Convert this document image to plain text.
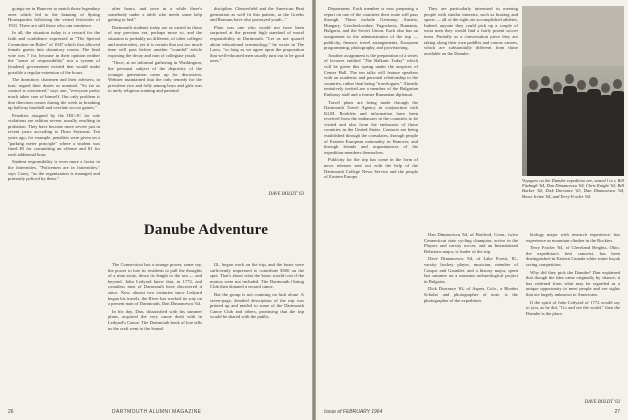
goings-on in Hanover to match those legendary ones which led to the banning of Spring Houseparties following the vernal festivities of 1931. There are still those who can reminisce.

In all, the situation today is a reward for the faith and confidence expressed in "The Special Committee on Rules" of 1947 which first allowed female guests into dormitory rooms. The final vote was 7 for, because in their opinion neither the "sense of responsibility" nor a system of [student] government existed that would make possible a regular extension of the hours.

The dormitory chairmen and their advisers, in turn, regard their duties as nominal. "So far as control is concerned," says one, "everyone pretty much takes care of himself. Our only problem is that direction comes during the week in breaking up hallway baseball and overlate soccer games."

Penalties assigned by the IDC-JC for rule violations are seldom severe, usually resulting in probation. They have become more severe just in recent years according to Dean Seymour. Ten years ago, for example, penalties were given on a "parking meter principle" where a student was fined $5 for committing an offense and $1 for each additional hour.

Student responsibility is even more a factor in the fraternities. "Policemen are in fraternities," says Carey, "as the organization is managed and primarily policed by them."

after hours, and once in a while there's somebody under a table who needs some help getting to bed."

Dartmouth students today are as varied as those of any previous era, perhaps more so, and the situation is probably no different, of other colleges and universities, yet it is certain that not too much time will pass before another "scandal" article exposing the decay and ruin of collegiate youth.

"Once, at an informal gathering in Washington, the personal subject of the depravity of the younger generation came up for discussion. Webster maintained that the only remedy for the prevalent vice and folly among boys and girls was to unify religious training and parental

discipline. Chesterfield and the American Beat generation as well fit this pattern, as the Greeks and Romans have also portrayed youth..."

Plato was one who would not have been surprised at the present high standard of moral responsibility at Dartmouth. "Let us not quarrel about educational terminology," he wrote in The Laws, "so long as we agree upon the proposition that well-educated men usually turn out to be good ones."

DAVE BOLDT '63
Danube Adventure

The Connecticut has a strange power, some say, the power to lure its residents to pull the thoughts of a man away, down its length to the sea — and beyond. John Ledyard knew that, in 1772, and countless men of Dartmouth have discovered it since. Now, almost two centuries since Ledyard began his travels, the River has worked its way on a present man of Dartmouth, Dan Dimancescu '64.

In his day, Dan, dissatisfied with his summer plans, acquired the very canoe dealt with in Ledyard's Canoe. The Dartmouth book of lore tells us the craft went to the Sound.

Ill., began work on the trip, and the boats were sufficiently impressed to contribute $500 on the spot. That's about what the boats would cost if the motors were not included. The Dartmouth Outing Club then donated a second canoe.

But the group is not counting on luck alone. A seven-page, detailed description of the trip was printed up and mailed to some of the Dartmouth Canoe Club and others, promising that the trip would be shared with the public.

26	DARTMOUTH ALUMNI MAGAZINE

Department. Each member is now preparing a report on one of the countries their route will pass through. These include Germany, Austria, Hungary, Czechoslovakia, Yugoslavia, Rumania, Bulgaria, and the Soviet Union. Each also has an assignment in the administration of the trip — publicity, finance, travel arrangements, European programming, photography, and provisioning.

Another assignment is the preparation of a series of lectures entitled "The Balkans Today" which will be given this spring under the auspices of Center Hall. The ten talks will feature speakers with an academic and personal relationship to the countries, rather than being "travelogues." Already tentatively invited are a member of the Bulgarian Embassy staff and a former Rumanian diplomat.

Travel plans are being made through the Dartmouth Travel Agency in conjunction with KLM. Booklets and information have been received from the embassies in the countries to be visited and also from the embassies of those countries in the United States. Contacts are being established through the consulates, through people of Eastern European nationality in Hanover, and through friends and acquaintances of the expedition members themselves.

Publicity for the trip has come in the form of news releases sent out with the help of the Dartmouth College News Service and the people of Eastern Europe.

They are particularly interested in meeting people with similar interests, such as boating and sports — all of the eight are accomplished athletes. Indeed, anyone they could pick up a couple of extra men they would find a fairly potent soccer team. Partially as a conversation piece they are taking along their own paddles and canvas canoes, which are substantially different from those available on the Danube.

Voyagers on the Danube expedition are, seated l to r, Bill Fitzhugh '64, Dan Dimancescu '64, Chris Knight '63, Bill Backer '64, Dick Durrance '63, Dan Dimancescu '64, Bruce Irvine '64, and Terry Fowler '64.

Dan Dimancescu '64, of Hartford, Conn., twice Connecticut state cycling champion, active in the Players and varsity soccer, and an International Relations major, is leader of the trip.

Dave Dimancescu '64, of Lake Forest, Ill., varsity hockey player, musician, member of Casque and Gauntlet, and a history major, spent last summer on a museum archaeological project in Bulgaria.

Dick Durrance '63, of Aspen, Colo., a Rhodes Scholar and photographer of note, is the photographer of the expedition.

biology major with research experience, has experience as mountain climber in the Rockies.

Terry Fowler '64, of Cleveland Heights, Ohio, the expedition's best canoeist, has been distinguished in Eastern Canada white water kayak racing competition.

Why did they pick the Danube? Dan explained that though the idea came originally by chance, it has widened from what may be regarded as a unique opportunity to meet people and see sights that are largely unknown to Americans.

If the spirit of John Ledyard of 1772 would say to you, as he did, "Go and see the world," then the Danube is the place.

DAVE BOLDT '63
Issue of FEBRUARY 1964	27
